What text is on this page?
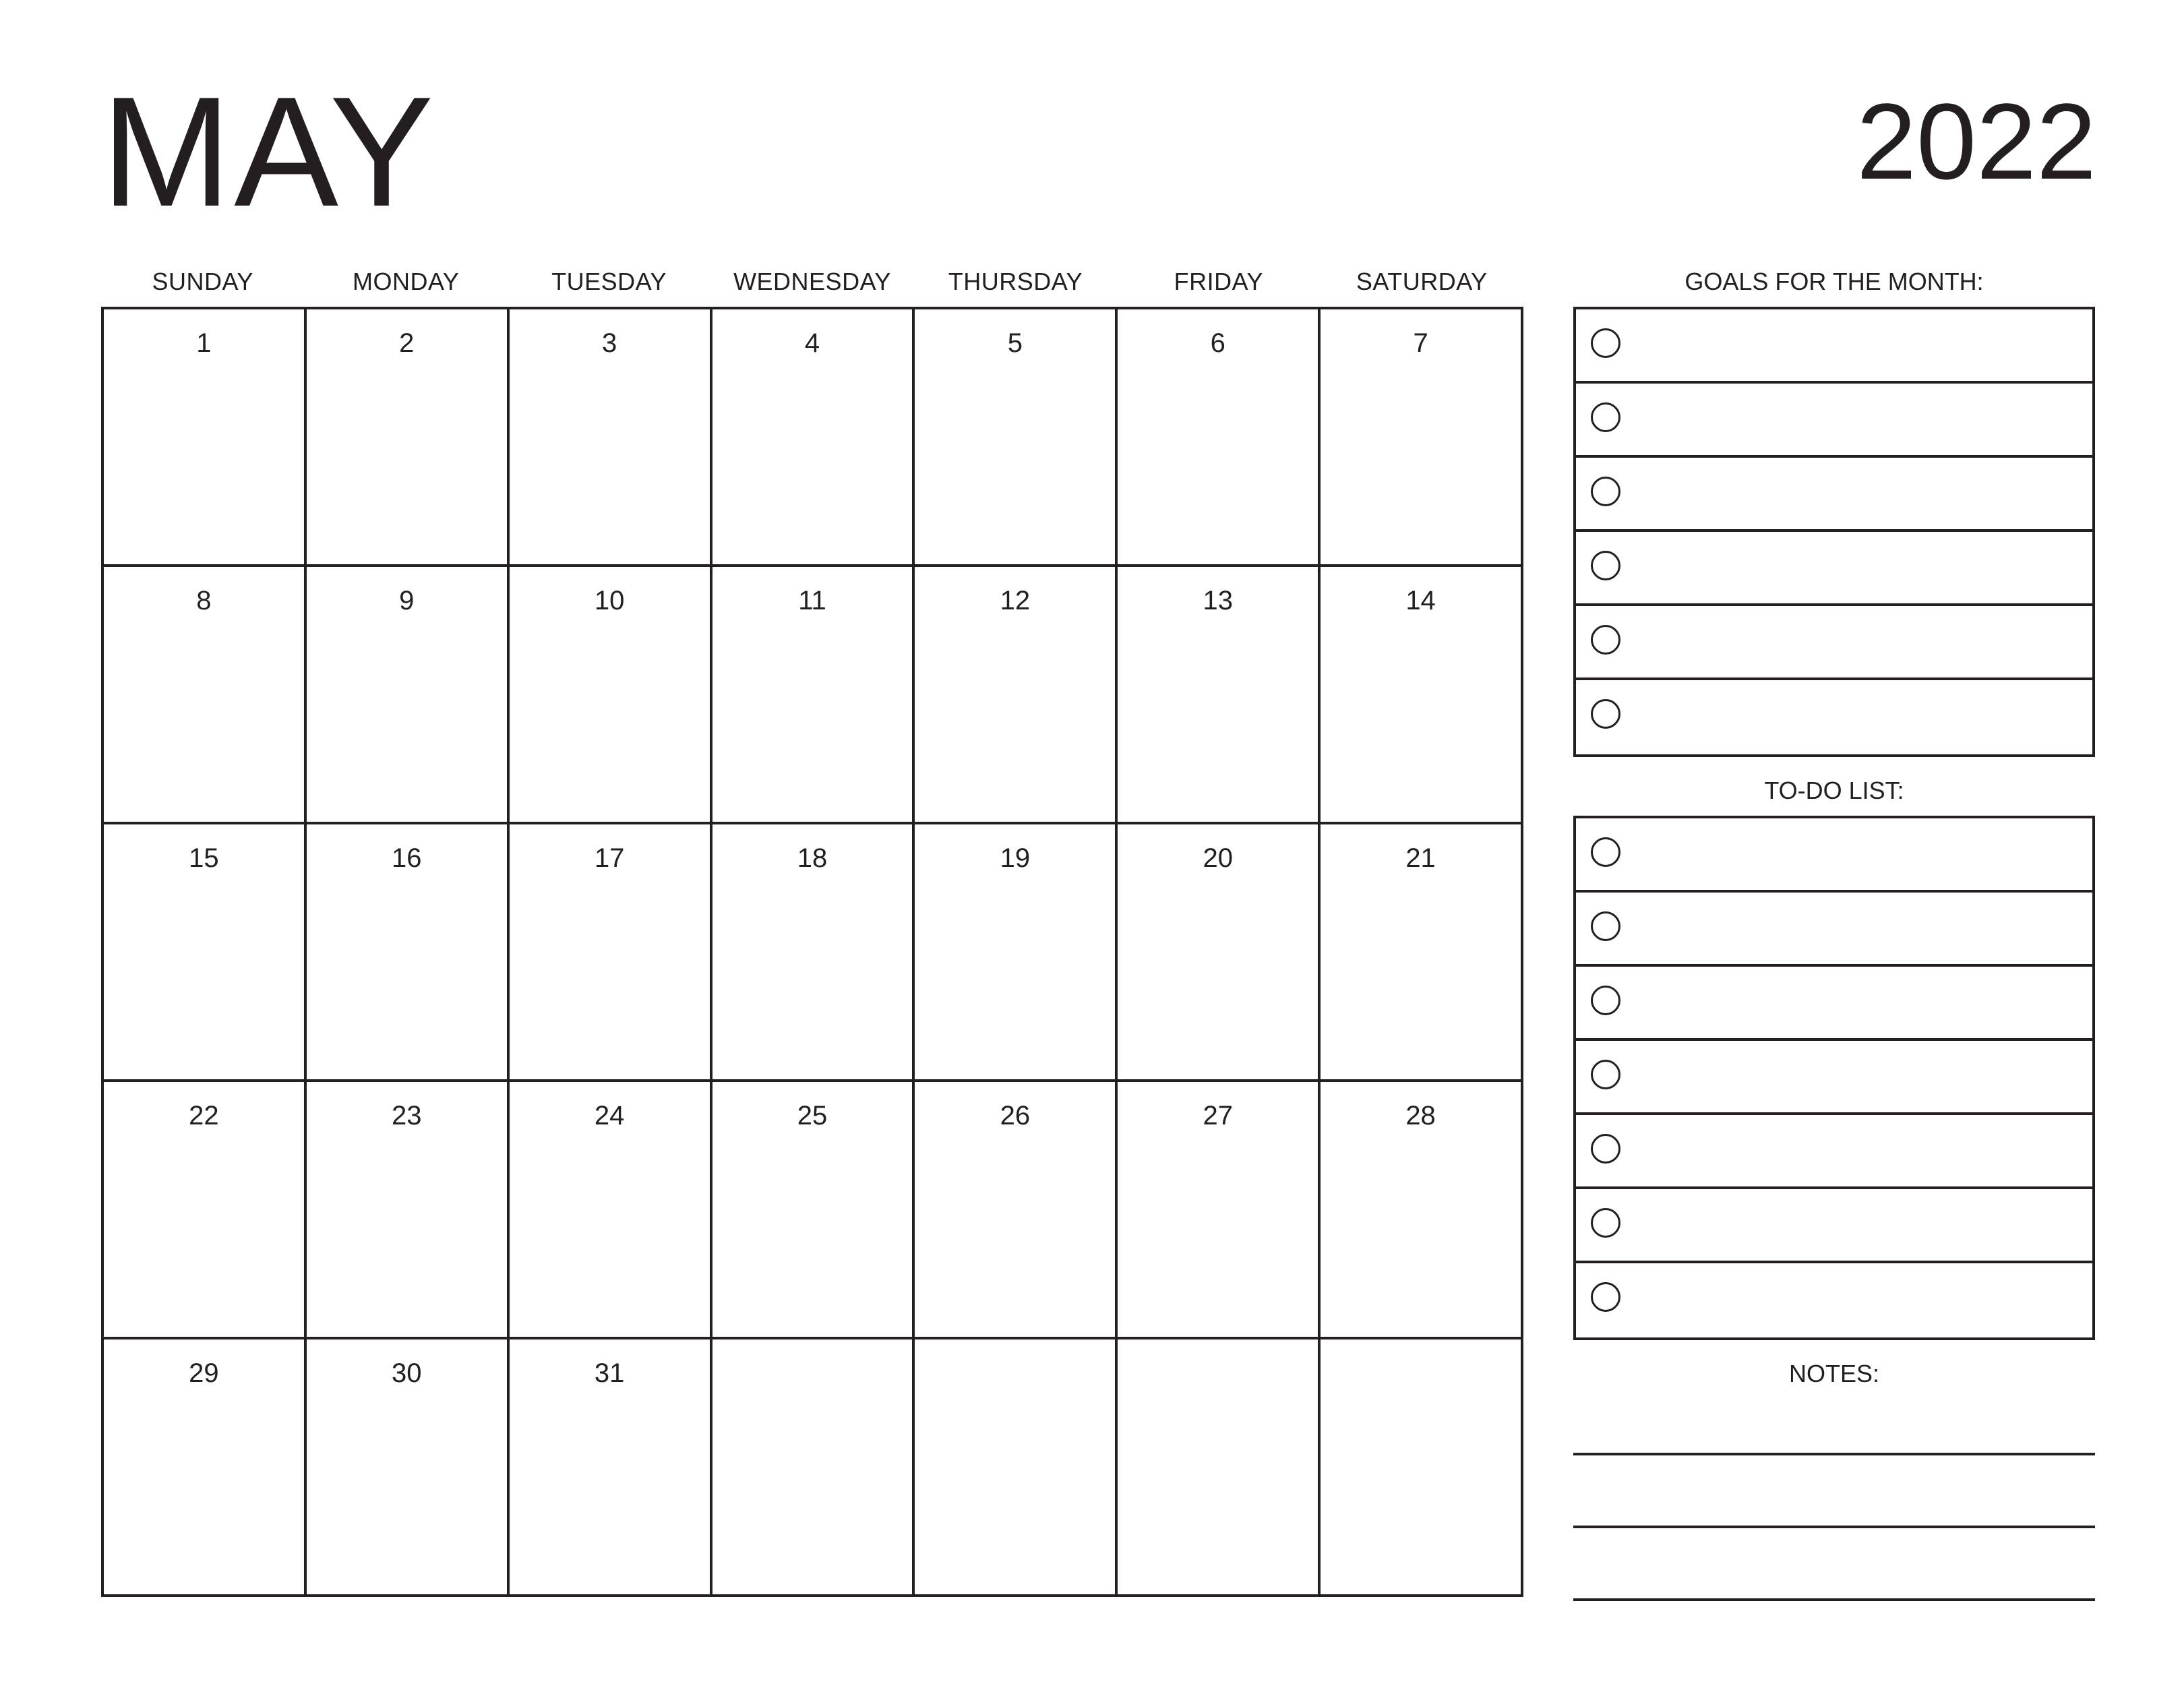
MAY	2022
SUNDAY	MONDAY	TUESDAY	WEDNESDAY	THURSDAY	FRIDAY	SATURDAY
1	2	3	4	5	6	7
8	9	10	11	12	13	14
15	16	17	18	19	20	21
22	23	24	25	26	27	28
29	30	31
GOALS FOR THE MONTH:
TO-DO LIST:
NOTES:
